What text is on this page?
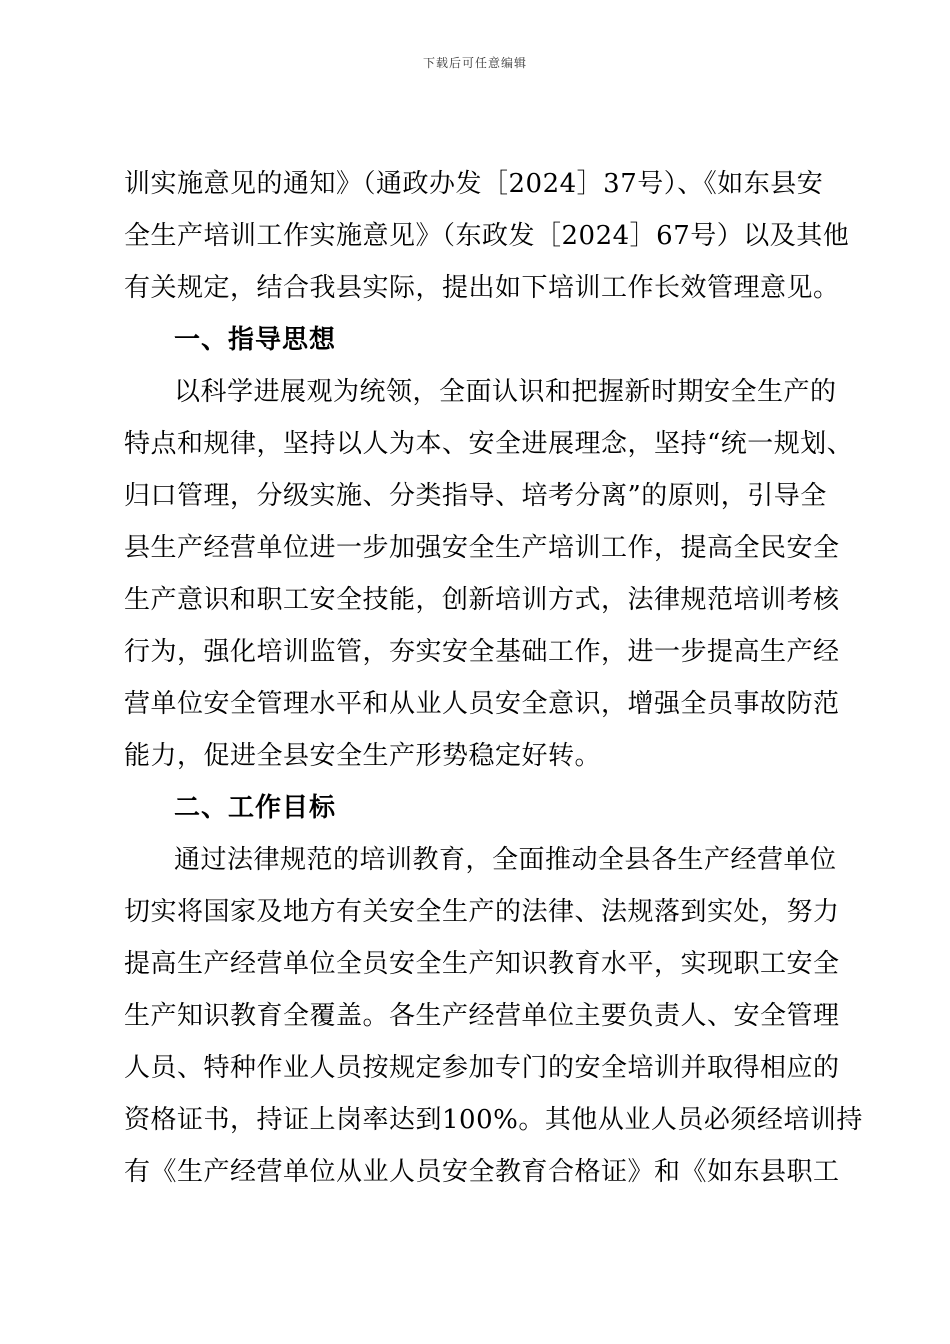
下载后可任意编辑
训实施意见的通知》（通政办发［2024］37号）、《如东县安
全生产培训工作实施意见》（东政发［2024］67号）以及其他
有关规定，结合我县实际，提出如下培训工作长效管理意见。
一、指导思想
以科学进展观为统领，全面认识和把握新时期安全生产的
特点和规律，坚持以人为本、安全进展理念，坚持“统一规划、
归口管理，分级实施、分类指导、培考分离”的原则，引导全
县生产经营单位进一步加强安全生产培训工作，提高全民安全
生产意识和职工安全技能，创新培训方式，法律规范培训考核
行为，强化培训监管，夯实安全基础工作，进一步提高生产经
营单位安全管理水平和从业人员安全意识，增强全员事故防范
能力，促进全县安全生产形势稳定好转。
二、工作目标
通过法律规范的培训教育，全面推动全县各生产经营单位
切实将国家及地方有关安全生产的法律、法规落到实处，努力
提高生产经营单位全员安全生产知识教育水平，实现职工安全
生产知识教育全覆盖。各生产经营单位主要负责人、安全管理
人员、特种作业人员按规定参加专门的安全培训并取得相应的
资格证书，持证上岗率达到100%。其他从业人员必须经培训持
有《生产经营单位从业人员安全教育合格证》和《如东县职工
